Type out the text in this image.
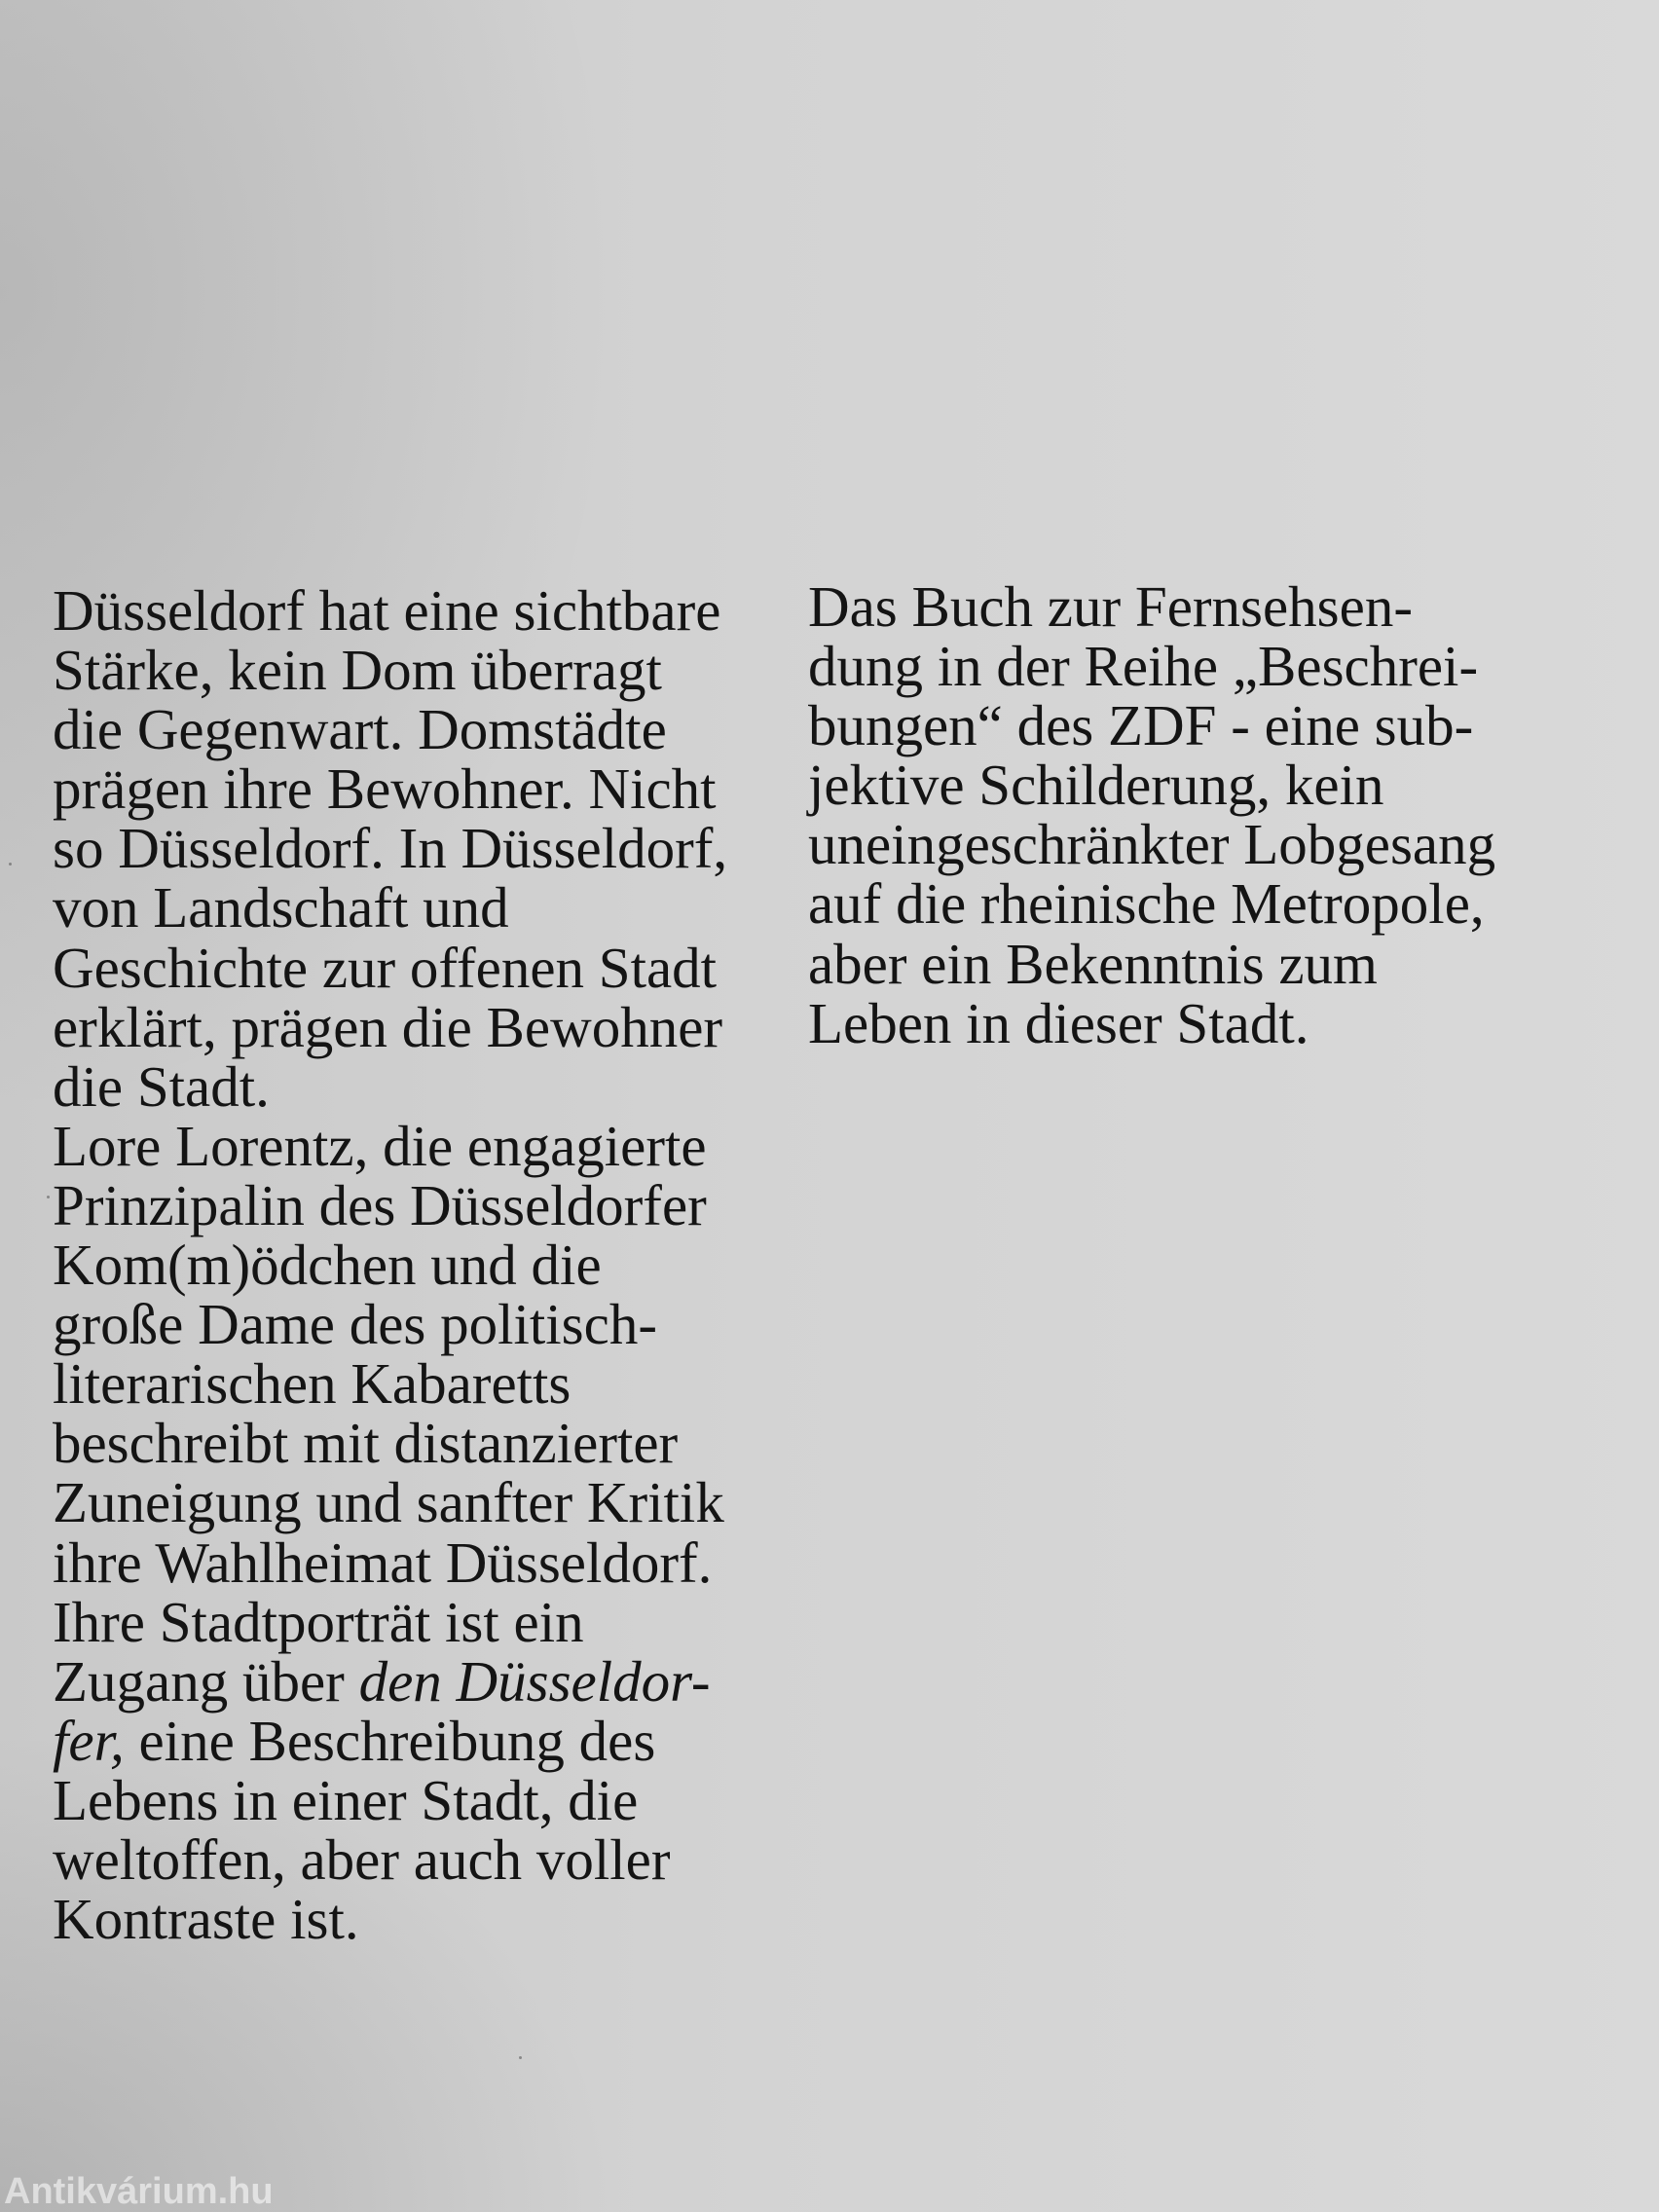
Düsseldorf hat eine sichtbare
Stärke, kein Dom überragt
die Gegenwart. Domstädte
prägen ihre Bewohner. Nicht
so Düsseldorf. In Düsseldorf,
von Landschaft und
Geschichte zur offenen Stadt
erklärt, prägen die Bewohner
die Stadt.
Lore Lorentz, die engagierte
Prinzipalin des Düsseldorfer
Kom(m)ödchen und die
große Dame des politisch-
literarischen Kabaretts
beschreibt mit distanzierter
Zuneigung und sanfter Kritik
ihre Wahlheimat Düsseldorf.
Ihre Stadtporträt ist ein
Zugang über den Düsseldor-
fer, eine Beschreibung des
Lebens in einer Stadt, die
weltoffen, aber auch voller
Kontraste ist.
Das Buch zur Fernsehsen-
dung in der Reihe „Beschrei-
bungen“ des ZDF - eine sub-
jektive Schilderung, kein
uneingeschränkter Lobgesang
auf die rheinische Metropole,
aber ein Bekenntnis zum
Leben in dieser Stadt.
Antikvárium.hu
